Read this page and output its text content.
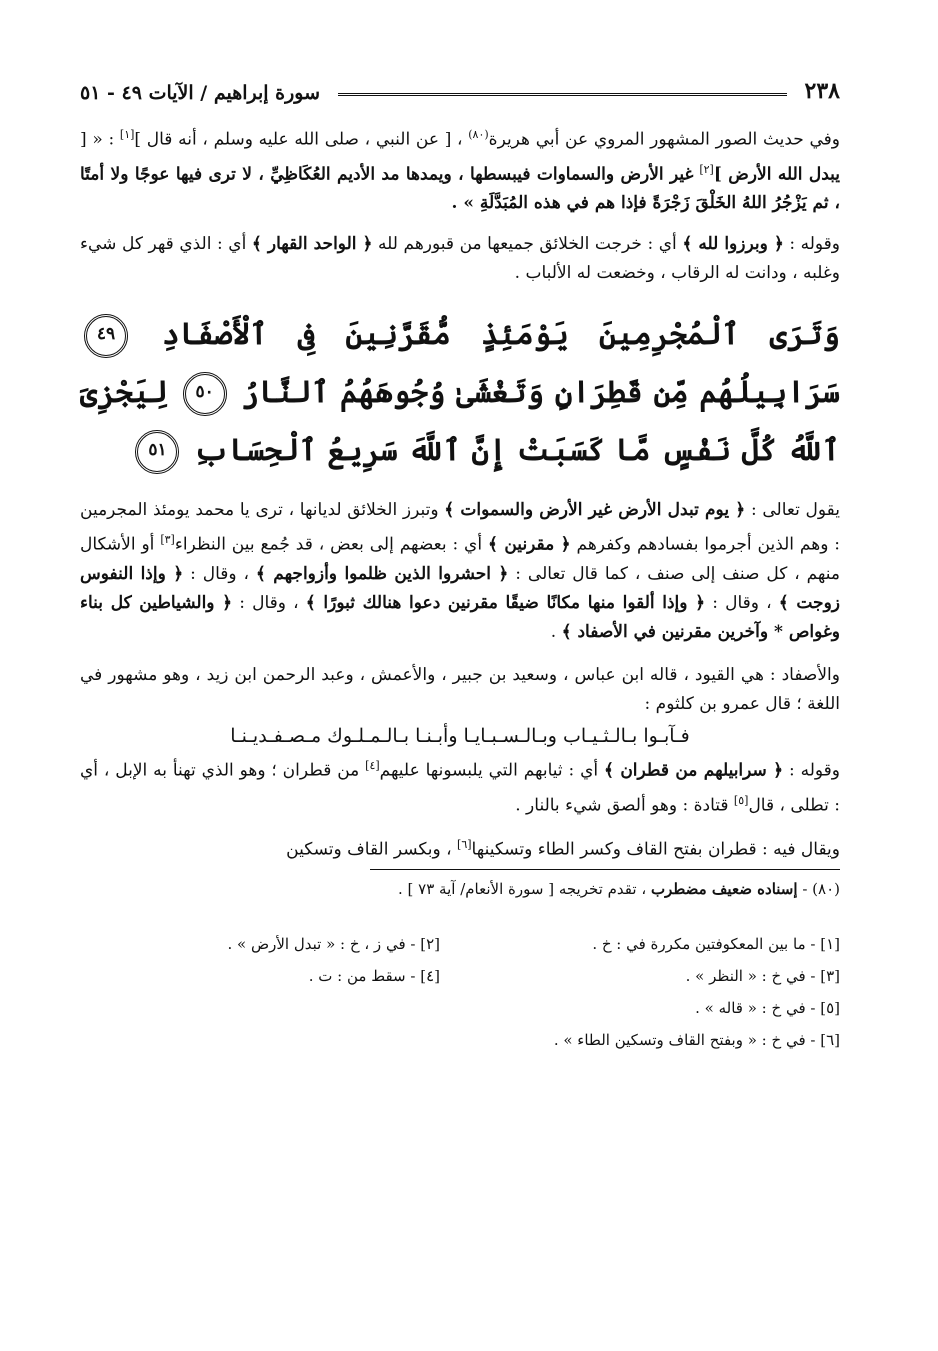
٢٣٨
سورة إبراهيم / الآيات ٤٩ - ٥١

وفي حديث الصور المشهور المروي عن أبي هريرة$^{(٨٠)}$ ، [ عن النبي ، صلى الله عليه وسلم ، أنه قال ][١] : « [ يبدل الله الأرض ][٢] غير الأرض والسماوات فيبسطها ، ويمدها مد الأديم العُكَاظِيِّ ، لا ترى فيها عوجًا ولا أمتًا ، ثم يَزْجُرُ اللهُ الخَلْقَ زَجْرَةً فإذا هم في هذه المُبَدَّلَةِ » .

وقوله : ﴿ وبرزوا لله ﴾ أي : خرجت الخلائق جميعها من قبورهم لله ﴿ الواحد القهار ﴾ أي : الذي قهر كل شيء وغلبه ، ودانت له الرقاب ، وخضعت له الألباب .

وَتَرَى ٱلْمُجْرِمِينَ يَوْمَئِذٍ مُّقَرَّنِينَ فِى ٱلْأَصْفَادِ ٤٩ سَرَابِيلُهُم مِّن قَطِرَانٍ وَتَغْشَىٰ وُجُوهَهُمُ ٱلنَّارُ ٥٠ لِيَجْزِىَ ٱللَّهُ كُلَّ نَفْسٍ مَّا كَسَبَتْ إِنَّ ٱللَّهَ سَرِيعُ ٱلْحِسَابِ ٥١

يقول تعالى : ﴿ يوم تبدل الأرض غير الأرض والسموات ﴾ وتبرز الخلائق لديانها ، ترى يا محمد يومئذ المجرمين : وهم الذين أجرموا بفسادهم وكفرهم ﴿ مقرنين ﴾ أي : بعضهم إلى بعض ، قد جُمع بين النظراء[٣] أو الأشكال منهم ، كل صنف إلى صنف ، كما قال تعالى : ﴿ احشروا الذين ظلموا وأزواجهم ﴾ ، وقال : ﴿ وإذا النفوس زوجت ﴾ ، وقال : ﴿ وإذا ألقوا منها مكانًا ضيقًا مقرنين دعوا هنالك ثبورًا ﴾ ، وقال : ﴿ والشياطين كل بناء وغواص * وآخرين مقرنين في الأصفاد ﴾ .

والأصفاد : هي القيود ، قاله ابن عباس ، وسعيد بن جبير ، والأعمش ، وعبد الرحمن ابن زيد ، وهو مشهور في اللغة ؛ قال عمرو بن كلثوم :

فـآبـوا بـالـثـيـاب وبـالـسـبـايـا وأبـنـا بـالـمـلـوك مـصـفـديـنـا

وقوله : ﴿ سرابيلهم من قطران ﴾ أي : ثيابهم التي يلبسونها عليهم[٤] من قطران ؛ وهو الذي تهنأ به الإبل ، أي : تطلى ، قال[٥] قتادة : وهو ألصق شيء بالنار .

ويقال فيه : قطران بفتح القاف وكسر الطاء وتسكينها[٦] ، وبكسر القاف وتسكين

(٨٠) - إسناده ضعيف مضطرب ، تقدم تخريجه [ سورة الأنعام/ آية ٧٣ ] .
[١] - ما بين المعكوفتين مكررة في : خ .
[٢] - في ز ، خ : « تبدل الأرض » .
[٣] - في خ : « النظر » .
[٤] - سقط من : ت .
[٥] - في خ : « قاله » .
[٦] - في خ : « وبفتح القاف وتسكين الطاء » .
